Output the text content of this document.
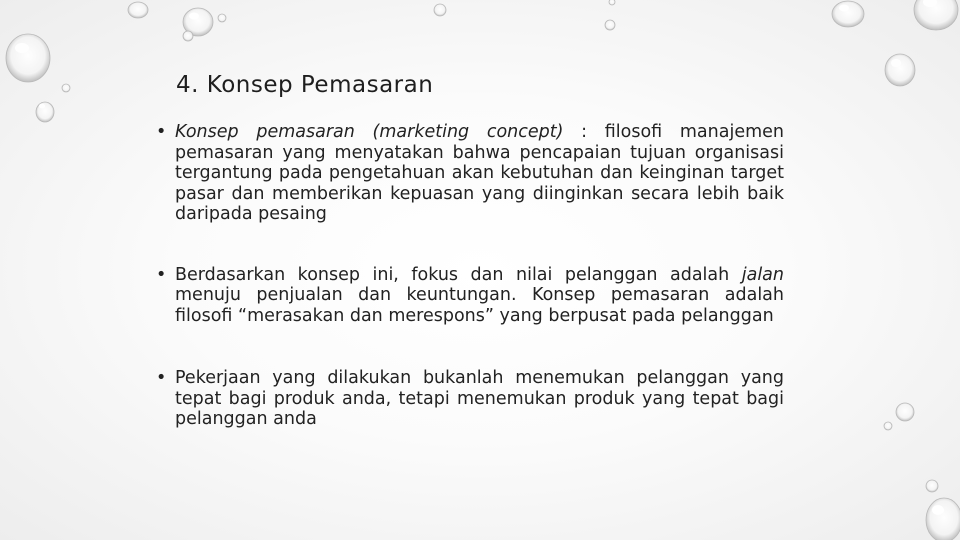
4. Konsep Pemasaran
• Konsep pemasaran (marketing concept) : filosofi manajemen pemasaran yang menyatakan bahwa pencapaian tujuan organisasi tergantung pada pengetahuan akan kebutuhan dan keinginan target pasar dan memberikan kepuasan yang diinginkan secara lebih baik daripada pesaing
• Berdasarkan konsep ini, fokus dan nilai pelanggan adalah jalan menuju penjualan dan keuntungan. Konsep pemasaran adalah filosofi “merasakan dan merespons” yang berpusat pada pelanggan
• Pekerjaan yang dilakukan bukanlah menemukan pelanggan yang tepat bagi produk anda, tetapi menemukan produk yang tepat bagi pelanggan anda
